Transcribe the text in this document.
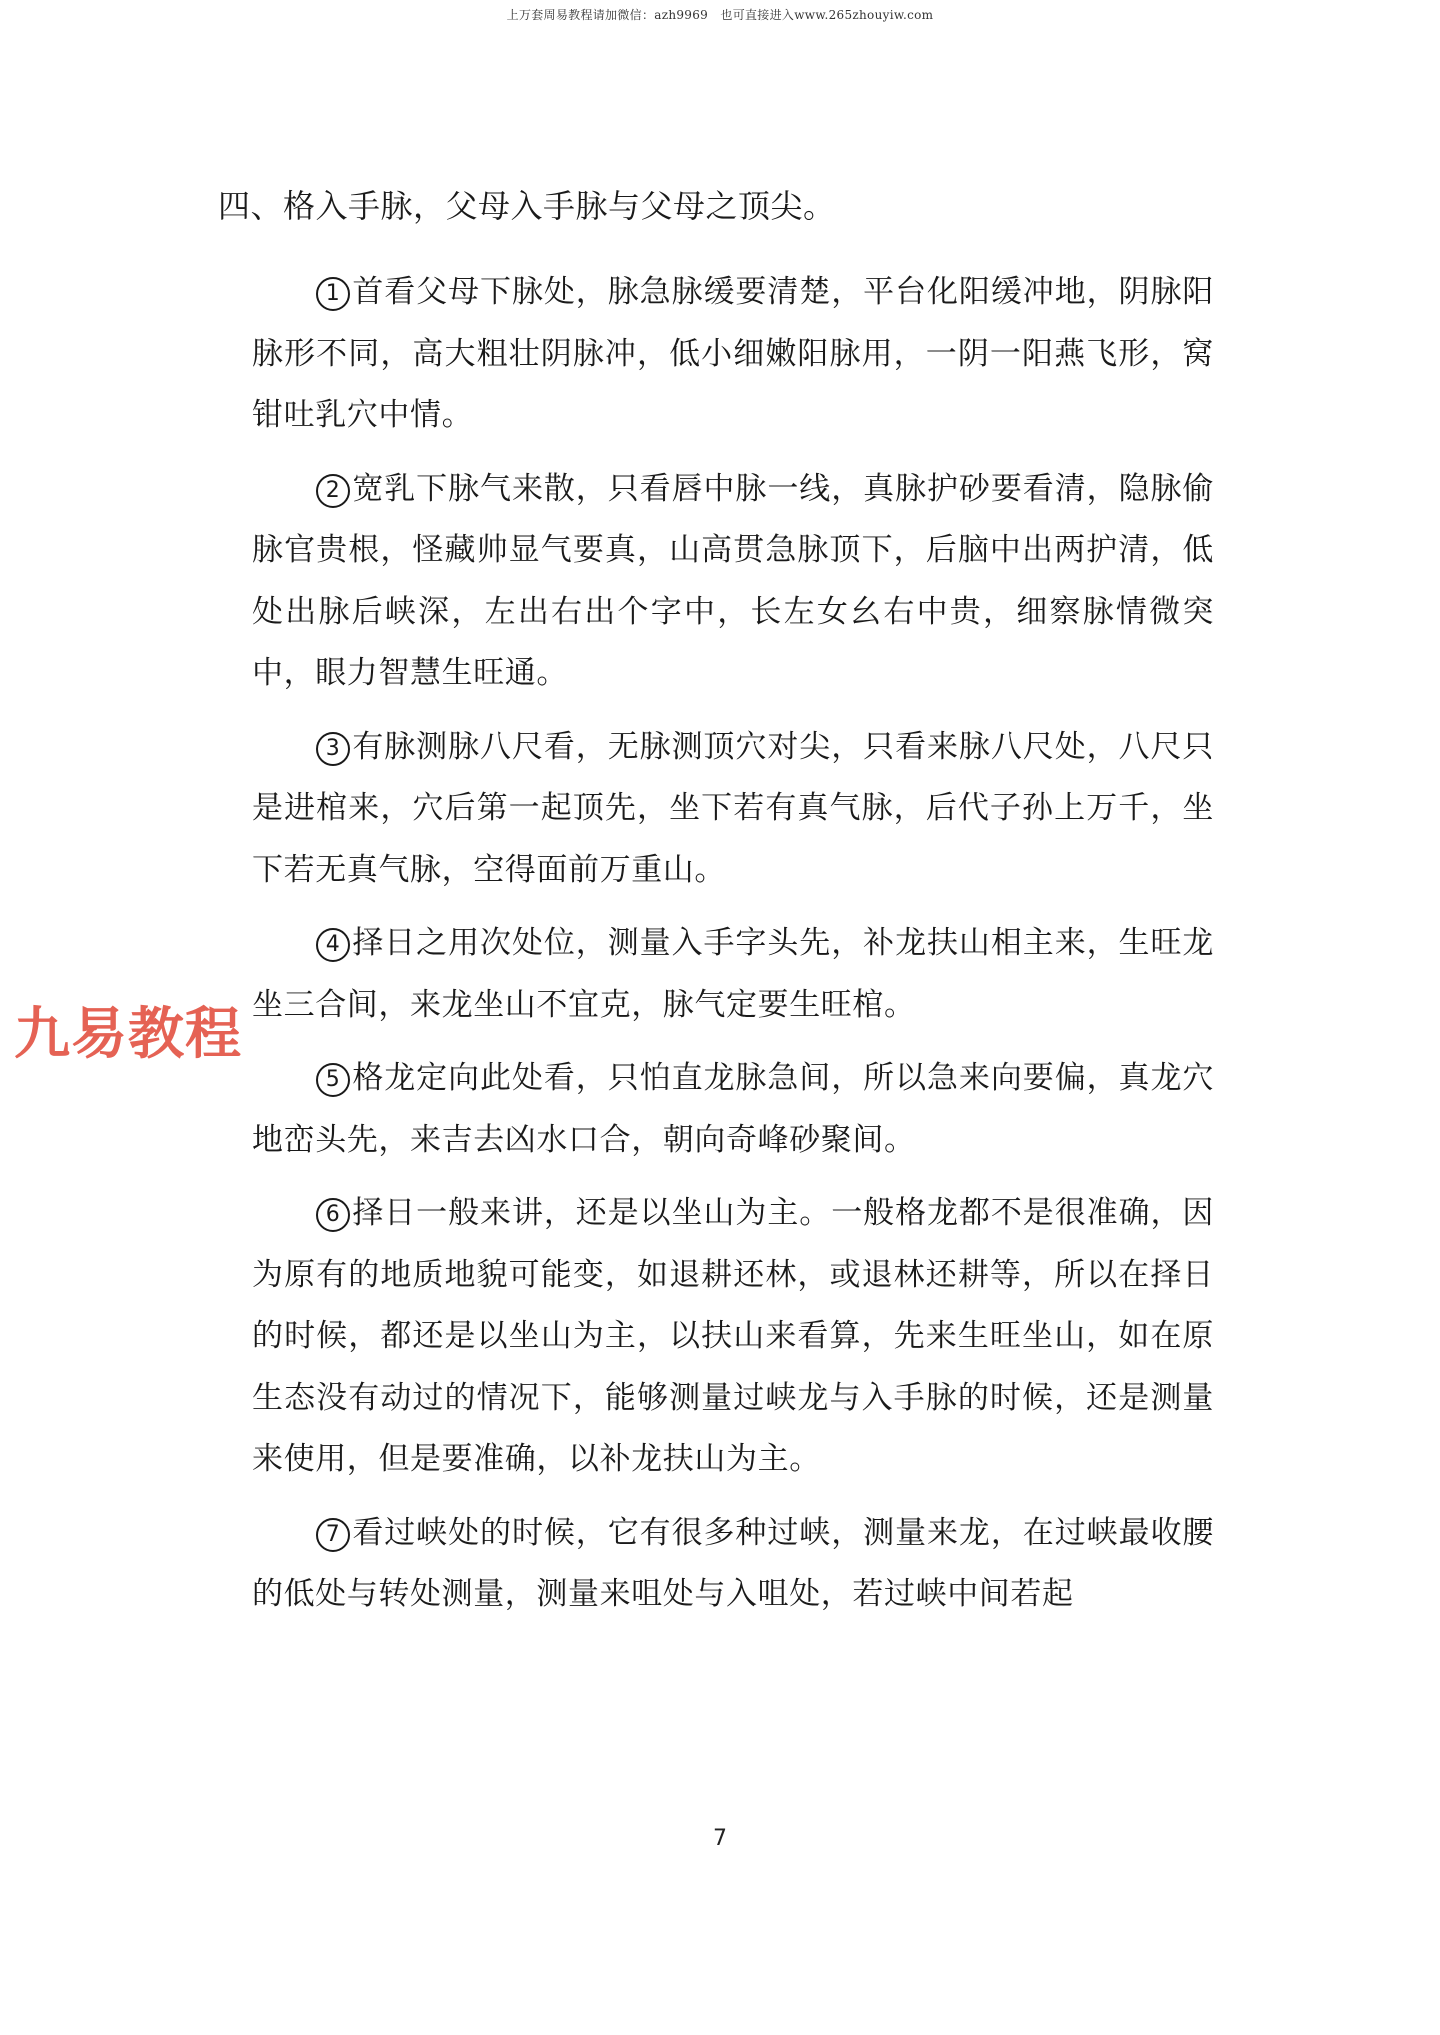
上万套周易教程请加微信：azh9969　也可直接进入www.265zhouyiw.com
四、格入手脉，父母入手脉与父母之顶尖。

1 首看父母下脉处，脉急脉缓要清楚，平台化阳缓冲地，阴脉阳脉形不同，高大粗壮阴脉冲，低小细嫩阳脉用，一阴一阳燕飞形，窝钳吐乳穴中情。

2 宽乳下脉气来散，只看唇中脉一线，真脉护砂要看清，隐脉偷脉官贵根，怪藏帅显气要真，山高贯急脉顶下，后脑中出两护清，低处出脉后峡深，左出右出个字中，长左女幺右中贵，细察脉情微突中，眼力智慧生旺通。

3 有脉测脉八尺看，无脉测顶穴对尖，只看来脉八尺处，八尺只是进棺来，穴后第一起顶先，坐下若有真气脉，后代子孙上万千，坐下若无真气脉，空得面前万重山。

4 择日之用次处位，测量入手字头先，补龙扶山相主来，生旺龙坐三合间，来龙坐山不宜克，脉气定要生旺棺。

5 格龙定向此处看，只怕直龙脉急间，所以急来向要偏，真龙穴地峦头先，来吉去凶水口合，朝向奇峰砂聚间。

6 择日一般来讲，还是以坐山为主。一般格龙都不是很准确，因为原有的地质地貌可能变，如退耕还林，或退林还耕等，所以在择日的时候，都还是以坐山为主，以扶山来看算，先来生旺坐山，如在原生态没有动过的情况下，能够测量过峡龙与入手脉的时候，还是测量来使用，但是要准确，以补龙扶山为主。

7 看过峡处的时候，它有很多种过峡，测量来龙，在过峡最收腰的低处与转处测量，测量来咀处与入咀处，若过峡中间若起

九易教程
7
